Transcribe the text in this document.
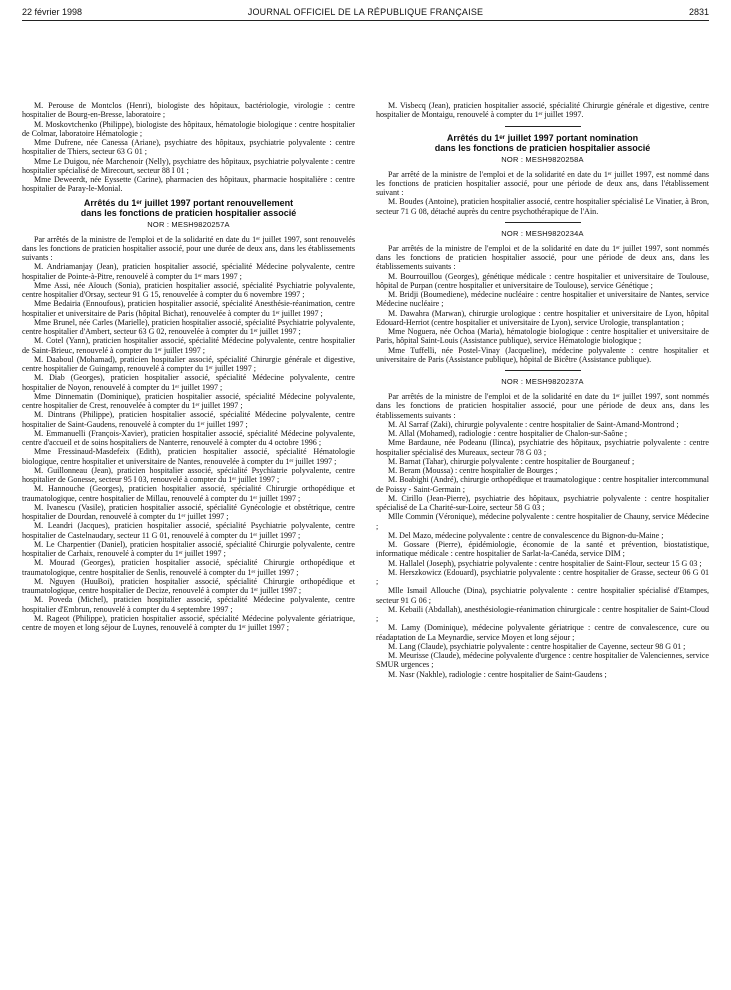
22 février 1998	JOURNAL OFFICIEL DE LA RÉPUBLIQUE FRANÇAISE	2831

M. Perouse de Montclos (Henri), biologiste des hôpitaux, bactériologie, virologie : centre hospitalier de Bourg-en-Bresse, laboratoire ;

M. Moskovtchenko (Philippe), biologiste des hôpitaux, hématologie biologique : centre hospitalier de Colmar, laboratoire Hématologie ;

Mme Dufrene, née Canessa (Ariane), psychiatre des hôpitaux, psychiatrie polyvalente : centre hospitalier de Thiers, secteur 63 G 01 ;

Mme Le Duigou, née Marchenoir (Nelly), psychiatre des hôpitaux, psychiatrie polyvalente : centre hospitalier spécialisé de Mirecourt, secteur 88 I 01 ;

Mme Deweerdt, née Eyssette (Carine), pharmacien des hôpitaux, pharmacie hospitalière : centre hospitalier de Paray-le-Monial.

Arrêtés du 1ᵉʳ juillet 1997 portant renouvellement
dans les fonctions de praticien hospitalier associé
NOR : MESH9820257A

Par arrêtés de la ministre de l'emploi et de la solidarité en date du 1ᵉʳ juillet 1997, sont renouvelés dans les fonctions de praticien hospitalier associé, pour une durée de deux ans, dans les établissements suivants :

M. Andriamanjay (Jean), praticien hospitalier associé, spécialité Médecine polyvalente, centre hospitalier de Pointe-à-Pitre, renouvelé à compter du 1ᵉʳ mars 1997 ;

Mme Assi, née Aïouch (Sonia), praticien hospitalier associé, spécialité Psychiatrie polyvalente, centre hospitalier d'Orsay, secteur 91 G 15, renouvelée à compter du 6 novembre 1997 ;

Mme Bedairia (Ennoufous), praticien hospitalier associé, spécialité Anesthésie-réanimation, centre hospitalier et universitaire de Paris (hôpital Bichat), renouvelée à compter du 1ᵉʳ juillet 1997 ;

Mme Brunel, née Carles (Marielle), praticien hospitalier associé, spécialité Psychiatrie polyvalente, centre hospitalier d'Ambert, secteur 63 G 02, renouvelée à compter du 1ᵉʳ juillet 1997 ;

M. Cotel (Yann), praticien hospitalier associé, spécialité Médecine polyvalente, centre hospitalier de Saint-Brieuc, renouvelé à compter du 1ᵉʳ juillet 1997 ;

M. Daaboul (Mohamad), praticien hospitalier associé, spécialité Chirurgie générale et digestive, centre hospitalier de Guingamp, renouvelé à compter du 1ᵉʳ juillet 1997 ;

M. Diab (Georges), praticien hospitalier associé, spécialité Médecine polyvalente, centre hospitalier de Noyon, renouvelé à compter du 1ᵉʳ juillet 1997 ;

Mme Dinnematin (Dominique), praticien hospitalier associé, spécialité Médecine polyvalente, centre hospitalier de Crest, renouvelée à compter du 1ᵉʳ juillet 1997 ;

M. Dintrans (Philippe), praticien hospitalier associé, spécialité Médecine polyvalente, centre hospitalier de Saint-Gaudens, renouvelé à compter du 1ᵉʳ juillet 1997 ;

M. Emmanuelli (François-Xavier), praticien hospitalier associé, spécialité Médecine polyvalente, centre d'accueil et de soins hospitaliers de Nanterre, renouvelé à compter du 4 octobre 1996 ;

Mme Fressinaud-Masdefeix (Edith), praticien hospitalier associé, spécialité Hématologie biologique, centre hospitalier et universitaire de Nantes, renouvelée à compter du 1ᵉʳ juillet 1997 ;

M. Guillonneau (Jean), praticien hospitalier associé, spécialité Psychiatrie polyvalente, centre hospitalier de Gonesse, secteur 95 I 03, renouvelé à compter du 1ᵉʳ juillet 1997 ;

M. Hannouche (Georges), praticien hospitalier associé, spécialité Chirurgie orthopédique et traumatologique, centre hospitalier de Millau, renouvelé à compter du 1ᵉʳ juillet 1997 ;

M. Ivanescu (Vasile), praticien hospitalier associé, spécialité Gynécologie et obstétrique, centre hospitalier de Dourdan, renouvelé à compter du 1ᵉʳ juillet 1997 ;

M. Leandri (Jacques), praticien hospitalier associé, spécialité Psychiatrie polyvalente, centre hospitalier de Castelnaudary, secteur 11 G 01, renouvelé à compter du 1ᵉʳ juillet 1997 ;

M. Le Charpentier (Daniel), praticien hospitalier associé, spécialité Chirurgie polyvalente, centre hospitalier de Carhaix, renouvelé à compter du 1ᵉʳ juillet 1997 ;

M. Mourad (Georges), praticien hospitalier associé, spécialité Chirurgie orthopédique et traumatologique, centre hospitalier de Senlis, renouvelé à compter du 1ᵉʳ juillet 1997 ;

M. Nguyen (HuuBoi), praticien hospitalier associé, spécialité Chirurgie orthopédique et traumatologique, centre hospitalier de Decize, renouvelé à compter du 1ᵉʳ juillet 1997 ;

M. Poveda (Michel), praticien hospitalier associé, spécialité Médecine polyvalente, centre hospitalier d'Embrun, renouvelé à compter du 4 septembre 1997 ;

M. Rageot (Philippe), praticien hospitalier associé, spécialité Médecine polyvalente gériatrique, centre de moyen et long séjour de Luynes, renouvelé à compter du 1ᵉʳ juillet 1997 ;

M. Visbecq (Jean), praticien hospitalier associé, spécialité Chirurgie générale et digestive, centre hospitalier de Montaigu, renouvelé à compter du 1ᵉʳ juillet 1997.

Arrêtés du 1ᵉʳ juillet 1997 portant nomination
dans les fonctions de praticien hospitalier associé
NOR : MESH9820258A

Par arrêté de la ministre de l'emploi et de la solidarité en date du 1ᵉʳ juillet 1997, est nommé dans les fonctions de praticien hospitalier associé, pour une période de deux ans, dans l'établissement suivant :

M. Boudes (Antoine), praticien hospitalier associé, centre hospitalier spécialisé Le Vinatier, à Bron, secteur 71 G 08, détaché auprès du centre psychothérapique de l'Ain.

NOR : MESH9820234A

Par arrêtés de la ministre de l'emploi et de la solidarité en date du 1ᵉʳ juillet 1997, sont nommés dans les fonctions de praticien hospitalier associé, pour une période de deux ans, dans les établissements suivants :

M. Bourrouillou (Georges), génétique médicale : centre hospitalier et universitaire de Toulouse, hôpital de Purpan (centre hospitalier et universitaire de Toulouse), service Génétique ;

M. Bridji (Boumediene), médecine nucléaire : centre hospitalier et universitaire de Nantes, service Médecine nucléaire ;

M. Dawahra (Marwan), chirurgie urologique : centre hospitalier et universitaire de Lyon, hôpital Edouard-Herriot (centre hospitalier et universitaire de Lyon), service Urologie, transplantation ;

Mme Noguera, née Ochoa (Maria), hématologie biologique : centre hospitalier et universitaire de Paris, hôpital Saint-Louis (Assistance publique), service Hématologie biologique ;

Mme Tuffelli, née Postel-Vinay (Jacqueline), médecine polyvalente : centre hospitalier et universitaire de Paris (Assistance publique), hôpital de Bicêtre (Assistance publique).

NOR : MESH9820237A

Par arrêtés de la ministre de l'emploi et de la solidarité en date du 1ᵉʳ juillet 1997, sont nommés dans les fonctions de praticien hospitalier associé, pour une période de deux ans, dans les établissements suivants :

M. Al Sarraf (Zaki), chirurgie polyvalente : centre hospitalier de Saint-Amand-Montrond ;

M. Allal (Mohamed), radiologie : centre hospitalier de Chalon-sur-Saône ;

Mme Bardaune, née Podeanu (Ilinca), psychiatrie des hôpitaux, psychiatrie polyvalente : centre hospitalier spécialisé des Mureaux, secteur 78 G 03 ;

M. Barnat (Tahar), chirurgie polyvalente : centre hospitalier de Bourganeuf ;

M. Beram (Moussa) : centre hospitalier de Bourges ;

M. Boabighi (André), chirurgie orthopédique et traumatologique : centre hospitalier intercommunal de Poissy - Saint-Germain ;

M. Cirillo (Jean-Pierre), psychiatrie des hôpitaux, psychiatrie polyvalente : centre hospitalier spécialisé de La Charité-sur-Loire, secteur 58 G 03 ;

Mlle Commin (Véronique), médecine polyvalente : centre hospitalier de Chauny, service Médecine ;

M. Del Mazo, médecine polyvalente : centre de convalescence du Bignon-du-Maine ;

M. Gossare (Pierre), épidémiologie, économie de la santé et prévention, biostatistique, informatique médicale : centre hospitalier de Sarlat-la-Canéda, service DIM ;

M. Hallalel (Joseph), psychiatrie polyvalente : centre hospitalier de Saint-Flour, secteur 15 G 03 ;

M. Herszkowicz (Edouard), psychiatrie polyvalente : centre hospitalier de Grasse, secteur 06 G 01 ;

Mlle Ismail Allouche (Dina), psychiatrie polyvalente : centre hospitalier spécialisé d'Etampes, secteur 91 G 06 ;

M. Kebaili (Abdallah), anesthésiologie-réanimation chirurgicale : centre hospitalier de Saint-Cloud ;

M. Lamy (Dominique), médecine polyvalente gériatrique : centre de convalescence, cure ou réadaptation de La Meynardie, service Moyen et long séjour ;

M. Lang (Claude), psychiatrie polyvalente : centre hospitalier de Cayenne, secteur 98 G 01 ;

M. Meurisse (Claude), médecine polyvalente d'urgence : centre hospitalier de Valenciennes, service SMUR urgences ;

M. Nasr (Nakhle), radiologie : centre hospitalier de Saint-Gaudens ;
